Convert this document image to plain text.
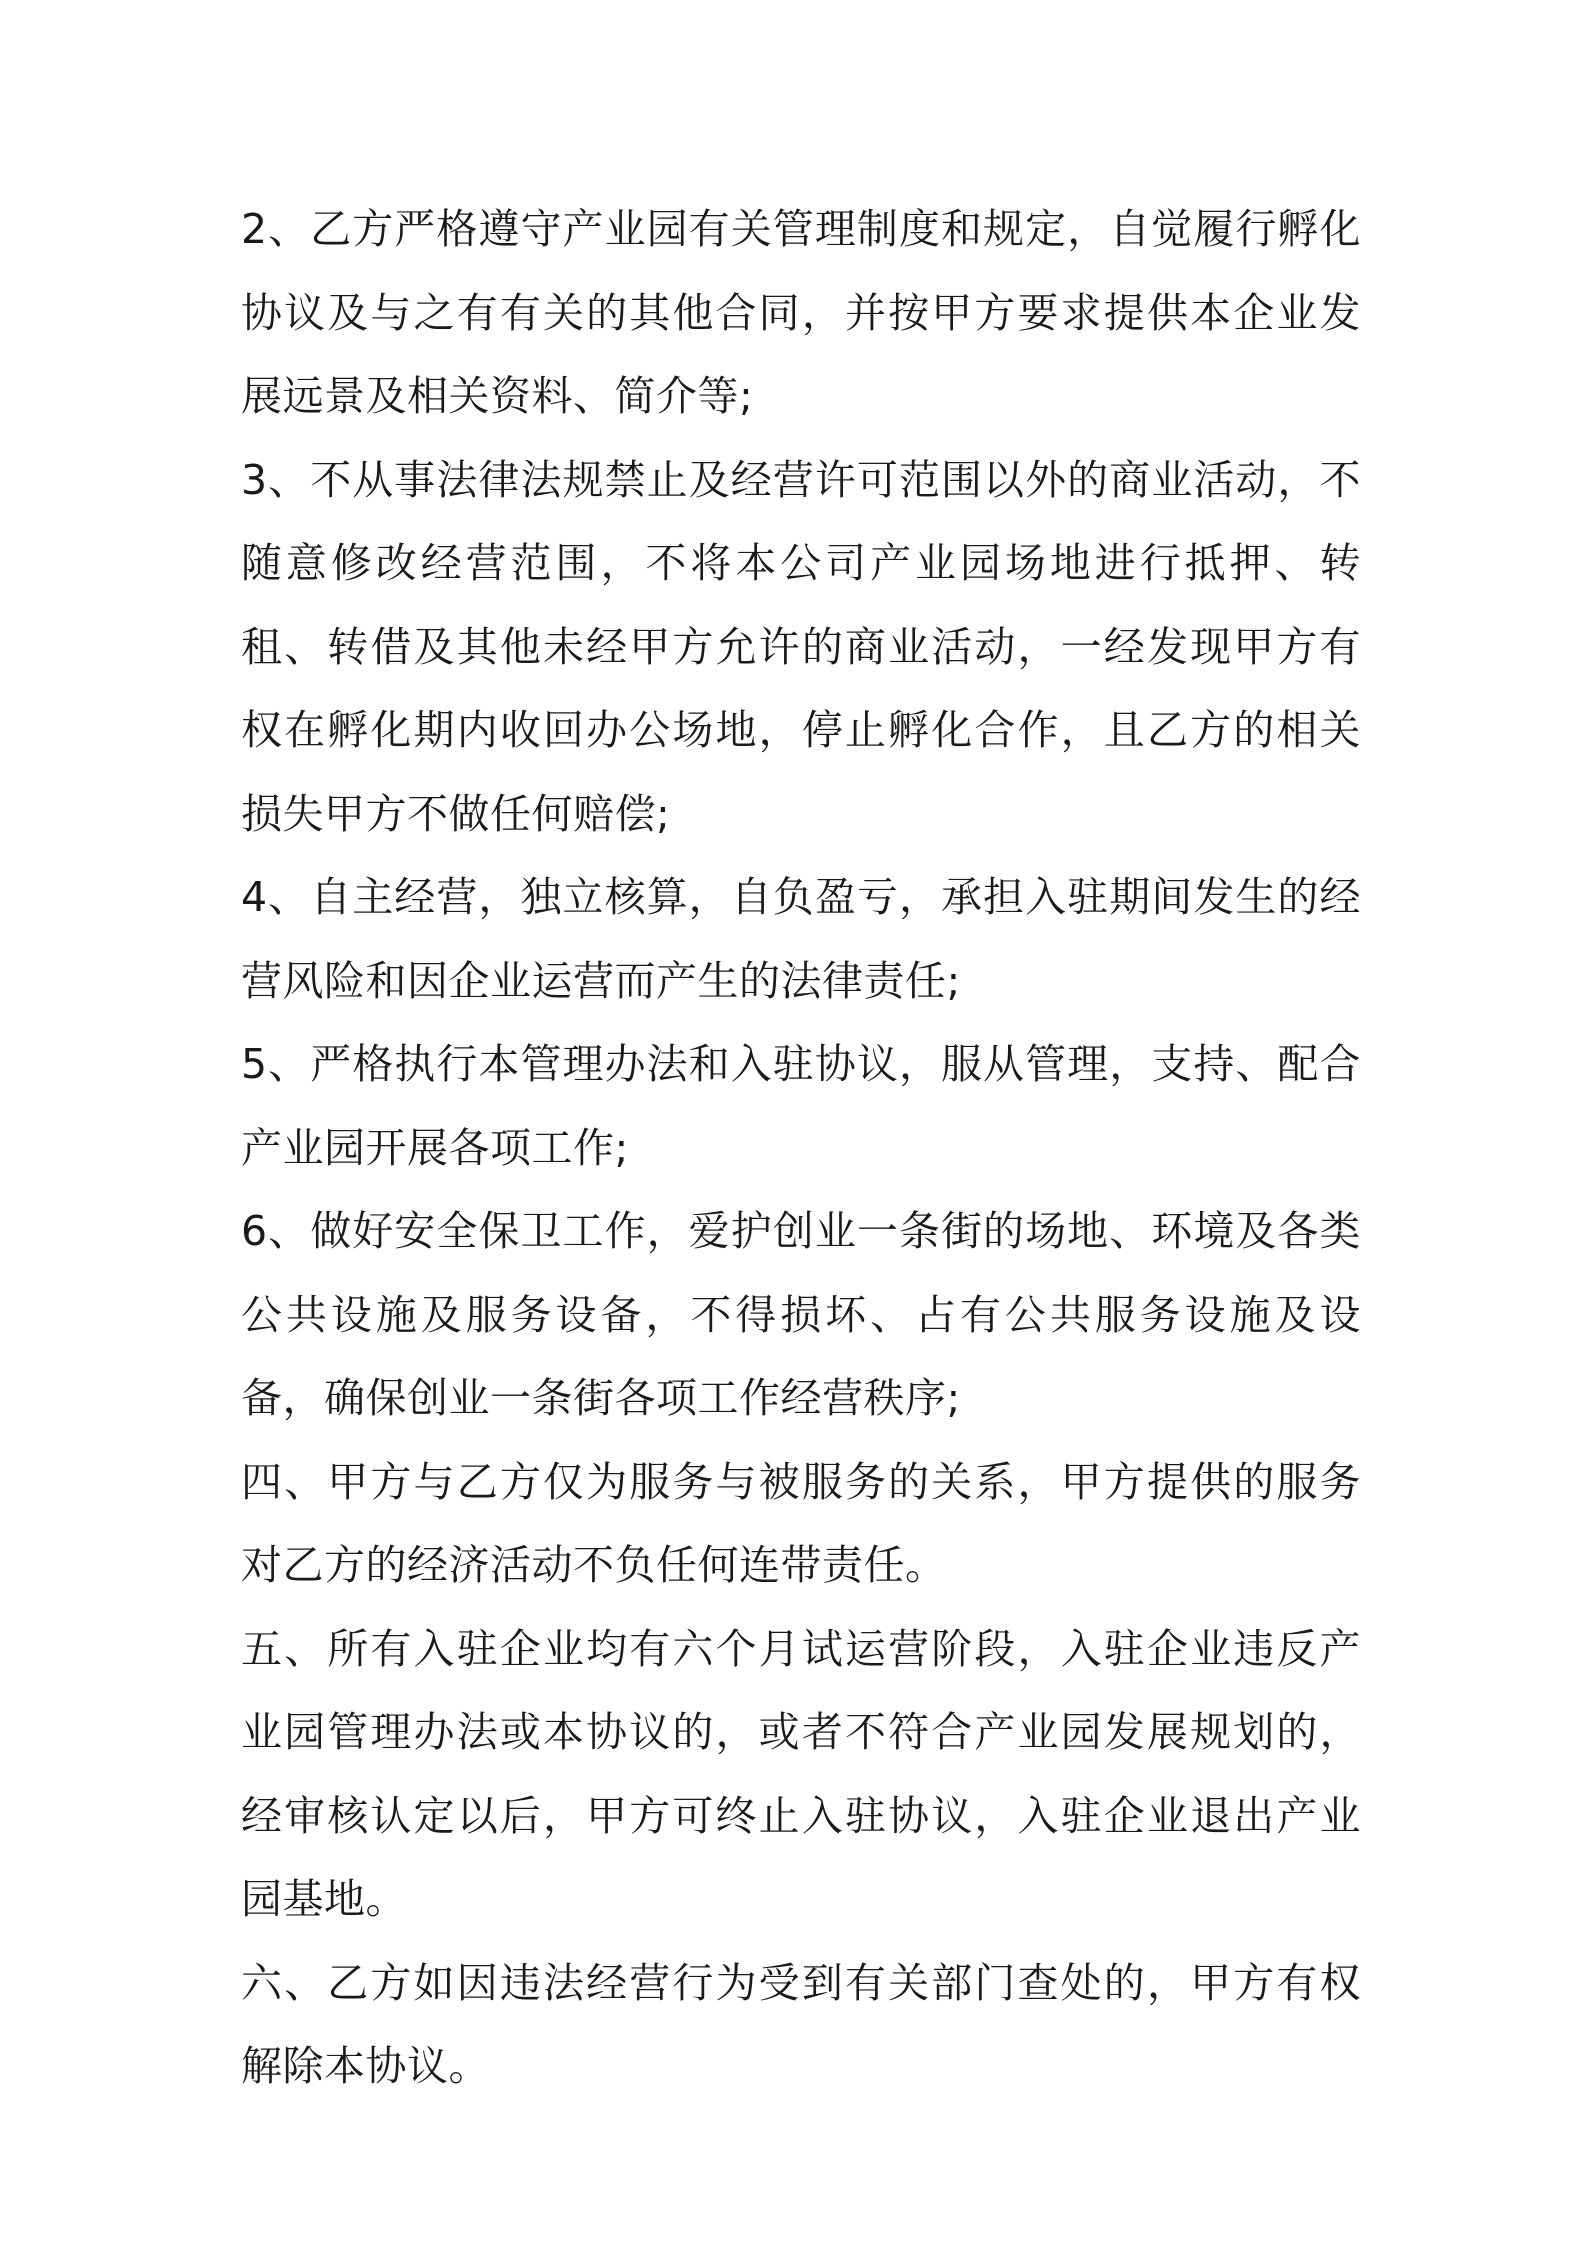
2、乙方严格遵守产业园有关管理制度和规定，自觉履行孵化协议及与之有有关的其他合同，并按甲方要求提供本企业发展远景及相关资料、简介等;

3、不从事法律法规禁止及经营许可范围以外的商业活动，不随意修改经营范围，不将本公司产业园场地进行抵押、转租、转借及其他未经甲方允许的商业活动，一经发现甲方有权在孵化期内收回办公场地，停止孵化合作，且乙方的相关损失甲方不做任何赔偿;

4、自主经营，独立核算，自负盈亏，承担入驻期间发生的经营风险和因企业运营而产生的法律责任;

5、严格执行本管理办法和入驻协议，服从管理，支持、配合产业园开展各项工作;

6、做好安全保卫工作，爱护创业一条街的场地、环境及各类公共设施及服务设备，不得损坏、占有公共服务设施及设备，确保创业一条街各项工作经营秩序;

四、甲方与乙方仅为服务与被服务的关系，甲方提供的服务对乙方的经济活动不负任何连带责任。

五、所有入驻企业均有六个月试运营阶段，入驻企业违反产业园管理办法或本协议的，或者不符合产业园发展规划的，经审核认定以后，甲方可终止入驻协议，入驻企业退出产业园基地。

六、乙方如因违法经营行为受到有关部门查处的，甲方有权解除本协议。
